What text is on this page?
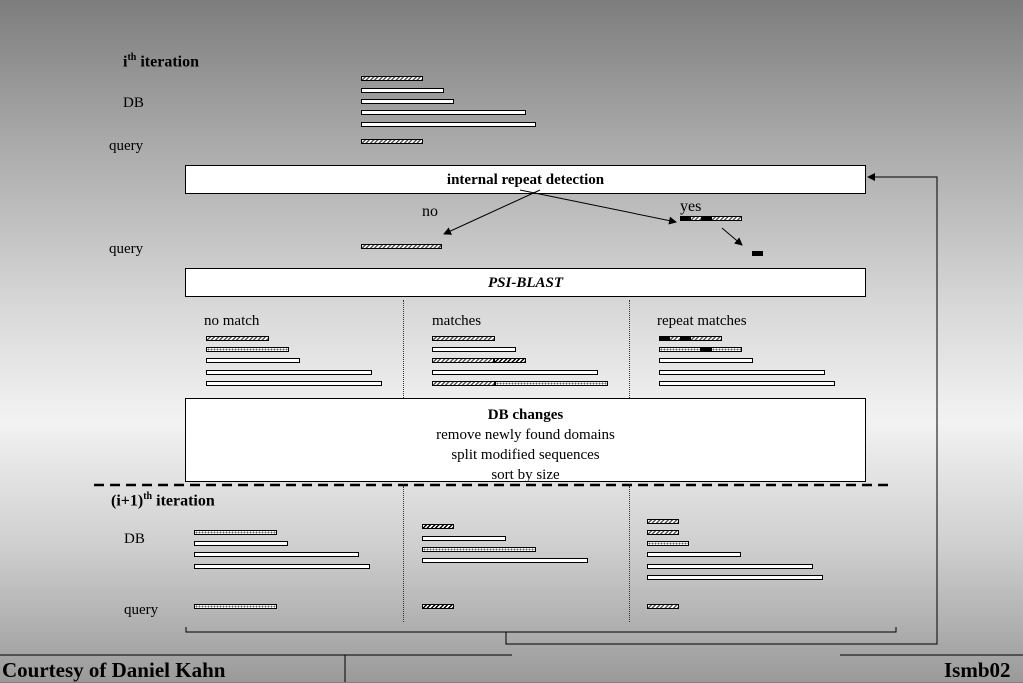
$i^{th}$ iteration
DB
query
internal repeat detection
no	yes
query
PSI-BLAST
no match	matches	repeat matches
DB changes
remove newly found domains
split modified sequences
sort by size
$(i+1)^{th}$ iteration
DB
query
Courtesy of Daniel Kahn	Ismb02
